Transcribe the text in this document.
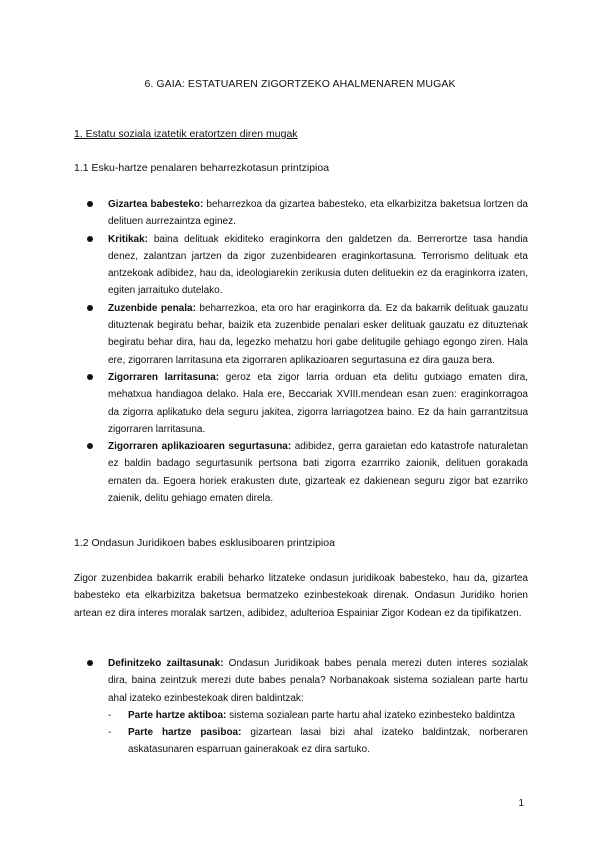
6. GAIA: ESTATUAREN ZIGORTZEKO AHALMENAREN MUGAK
1. Estatu soziala izatetik eratortzen diren mugak
1.1 Esku-hartze penalaren beharrezkotasun printzipioa
Gizartea babesteko: beharrezkoa da gizartea babesteko, eta elkarbizitza baketsua lortzen da delituen aurrezaintza eginez.
Kritikak: baina delituak ekiditeko eraginkorra den galdetzen da. Berrerortze tasa handia denez, zalantzan jartzen da zigor zuzenbidearen eraginkortasuna. Terrorismo delituak eta antzekoak adibidez, hau da, ideologiarekin zerikusia duten delituekin ez da eraginkorra izaten, egiten jarraituko dutelako.
Zuzenbide penala: beharrezkoa, eta oro har eraginkorra da. Ez da bakarrik delituak gauzatu dituztenak begiratu behar, baizik eta zuzenbide penalari esker delituak gauzatu ez dituztenak begiratu behar dira, hau da, legezko mehatzu hori gabe delitugile gehiago egongo ziren. Hala ere, zigorraren larritasuna eta zigorraren aplikazioaren segurtasuna ez dira gauza bera.
Zigorraren larritasuna: geroz eta zigor larria orduan eta delitu gutxiago ematen dira, mehatxua handiagoa delako. Hala ere, Beccariak XVIII.mendean esan zuen: eraginkorragoa da zigorra aplikatuko dela seguru jakitea, zigorra larriagotzea baino. Ez da hain garrantzitsua zigorraren larritasuna.
Zigorraren aplikazioaren segurtasuna: adibidez, gerra garaietan edo katastrofe naturaletan ez baldin badago segurtasunik pertsona bati zigorra ezarrriko zaionik, delituen gorakada ematen da. Egoera horiek erakusten dute, gizarteak ez dakienean seguru zigor bat ezarriko zaienik, delitu gehiago ematen direla.
1.2 Ondasun Juridikoen babes esklusiboaren printzipioa
Zigor zuzenbidea bakarrik erabili beharko litzateke ondasun juridikoak babesteko, hau da, gizartea babesteko eta elkarbizitza baketsua bermatzeko ezinbestekoak direnak. Ondasun Juridiko horien artean ez dira interes moralak sartzen, adibidez, adulterioa Espainiar Zigor Kodean ez da tipifikatzen.
Definitzeko zailtasunak: Ondasun Juridikoak babes penala merezi duten interes sozialak dira, baina zeintzuk merezi dute babes penala? Norbanakoak sistema sozialean parte hartu ahal izateko ezinbestekoak diren baldintzak:
- Parte hartze aktiboa: sistema sozialean parte hartu ahal izateko ezinbesteko baldintza
- Parte hartze pasiboa: gizartean lasai bizi ahal izateko baldintzak, norberaren askatasunaren esparruan gainerakoak ez dira sartuko.
1
